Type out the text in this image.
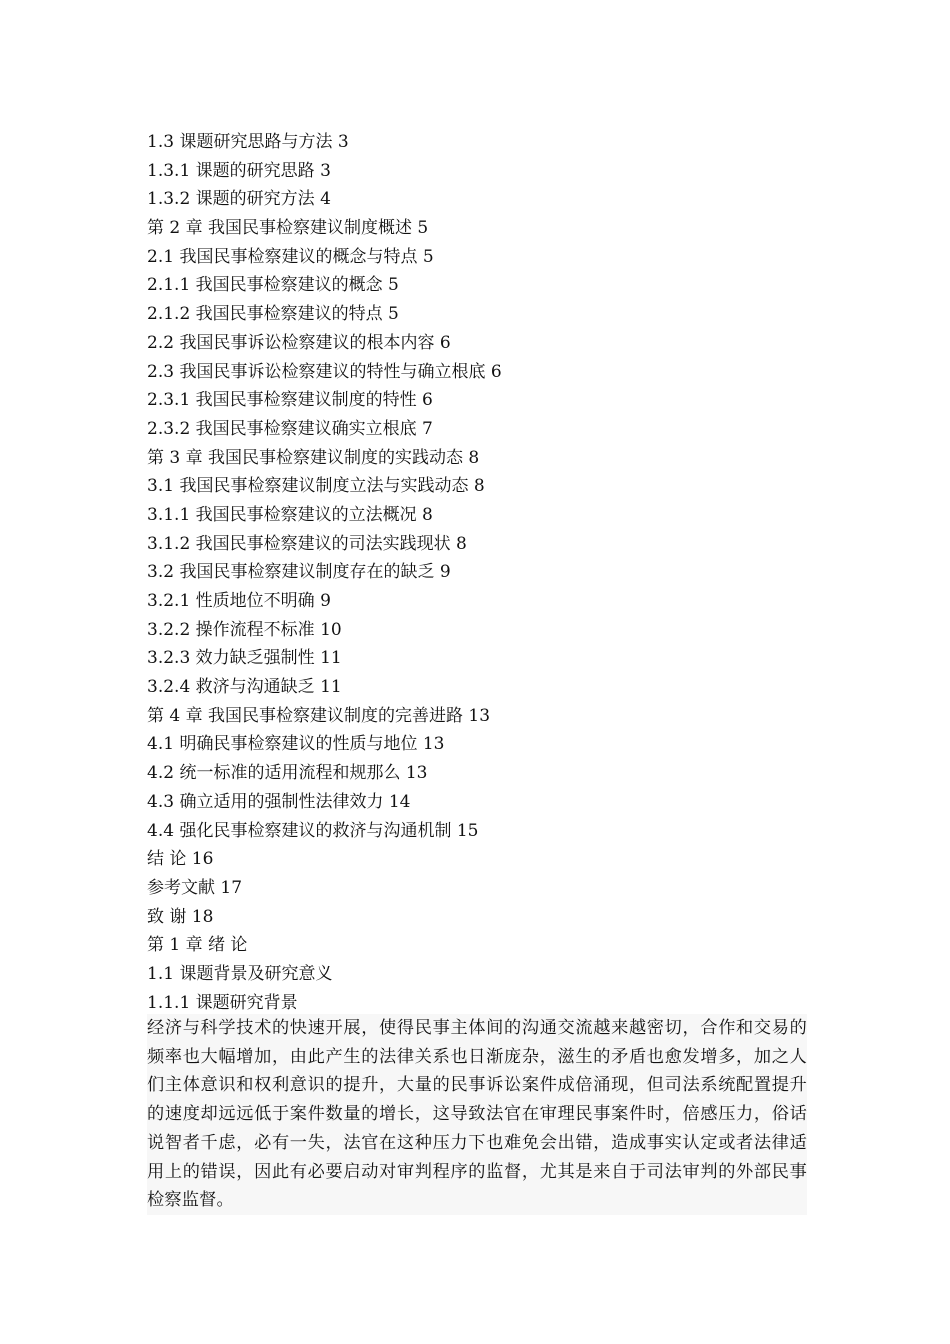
1.3 课题研究思路与方法 3
1.3.1 课题的研究思路 3
1.3.2 课题的研究方法 4
第 2 章 我国民事检察建议制度概述 5
2.1 我国民事检察建议的概念与特点 5
2.1.1 我国民事检察建议的概念 5
2.1.2 我国民事检察建议的特点 5
2.2 我国民事诉讼检察建议的根本内容 6
2.3 我国民事诉讼检察建议的特性与确立根底 6
2.3.1 我国民事检察建议制度的特性 6
2.3.2 我国民事检察建议确实立根底 7
第 3 章 我国民事检察建议制度的实践动态 8
3.1 我国民事检察建议制度立法与实践动态 8
3.1.1 我国民事检察建议的立法概况 8
3.1.2 我国民事检察建议的司法实践现状 8
3.2 我国民事检察建议制度存在的缺乏 9
3.2.1 性质地位不明确 9
3.2.2 操作流程不标准 10
3.2.3 效力缺乏强制性 11
3.2.4 救济与沟通缺乏 11
第 4 章 我国民事检察建议制度的完善进路 13
4.1 明确民事检察建议的性质与地位 13
4.2 统一标准的适用流程和规那么 13
4.3 确立适用的强制性法律效力 14
4.4 强化民事检察建议的救济与沟通机制 15
结 论 16
参考文献 17
致 谢 18
第 1 章 绪 论
1.1 课题背景及研究意义
1.1.1 课题研究背景

经济与科学技术的快速开展，使得民事主体间的沟通交流越来越密切，合作和交易的频率也大幅增加，由此产生的法律关系也日渐庞杂，滋生的矛盾也愈发增多，加之人们主体意识和权利意识的提升，大量的民事诉讼案件成倍涌现，但司法系统配置提升的速度却远远低于案件数量的增长，这导致法官在审理民事案件时，倍感压力，俗话说智者千虑，必有一失，法官在这种压力下也难免会出错，造成事实认定或者法律适用上的错误，因此有必要启动对审判程序的监督，尤其是来自于司法审判的外部民事检察监督。
